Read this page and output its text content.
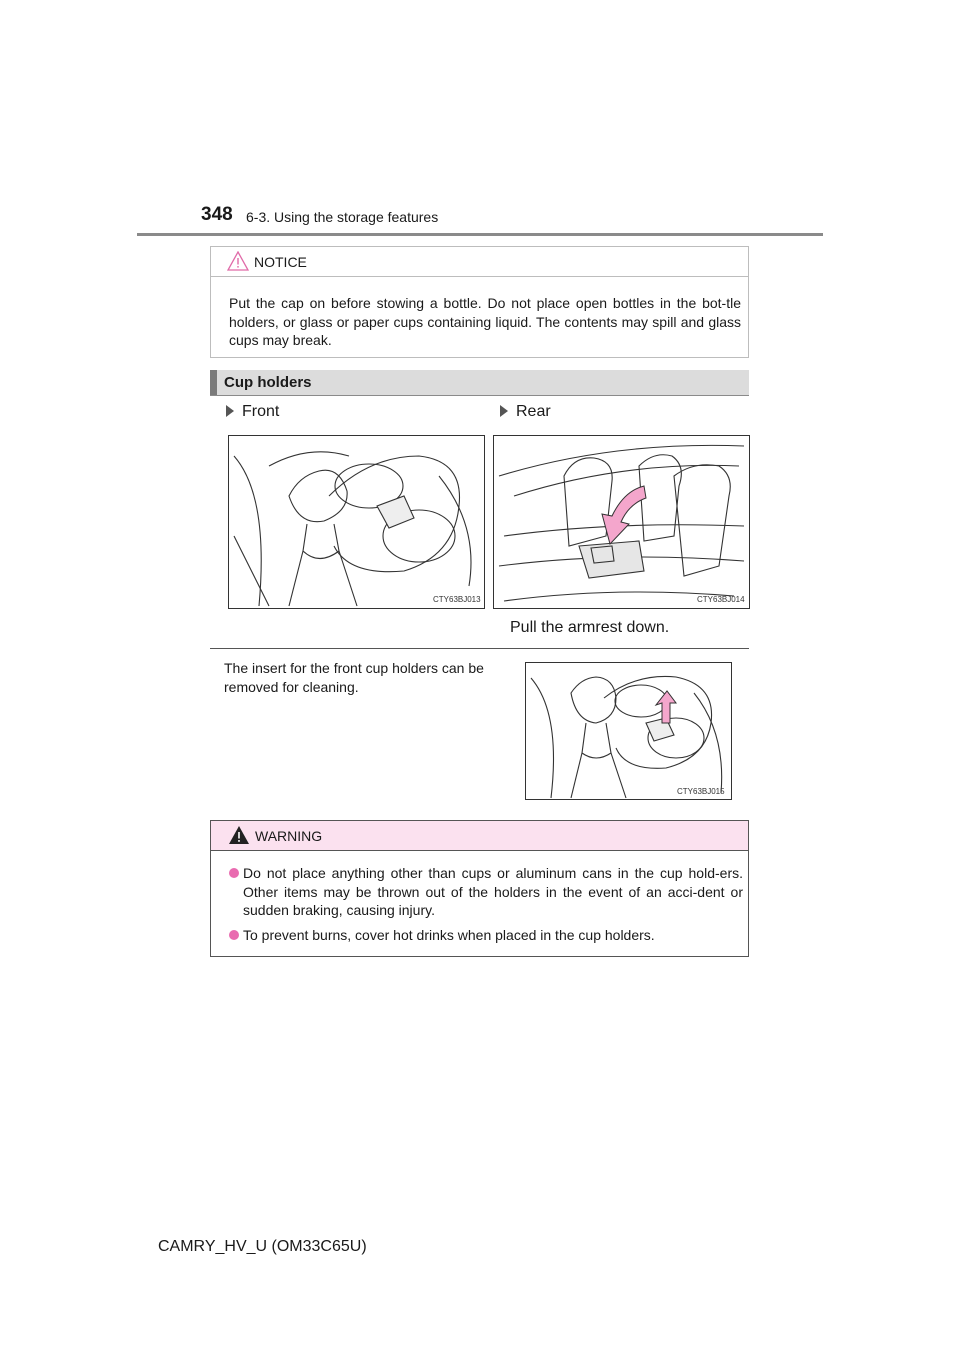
348 6-3. Using the storage features
NOTICE
Put the cap on before stowing a bottle. Do not place open bottles in the bot-tle holders, or glass or paper cups containing liquid. The contents may spill and glass cups may break.
Cup holders
Front	Rear
CTY63BJ013	CTY63BJ014
Pull the armrest down.
The insert for the front cup holders can be removed for cleaning.
CTY63BJ015
WARNING
Do not place anything other than cups or aluminum cans in the cup hold-ers. Other items may be thrown out of the holders in the event of an acci-dent or sudden braking, causing injury.
To prevent burns, cover hot drinks when placed in the cup holders.
CAMRY_HV_U (OM33C65U)
